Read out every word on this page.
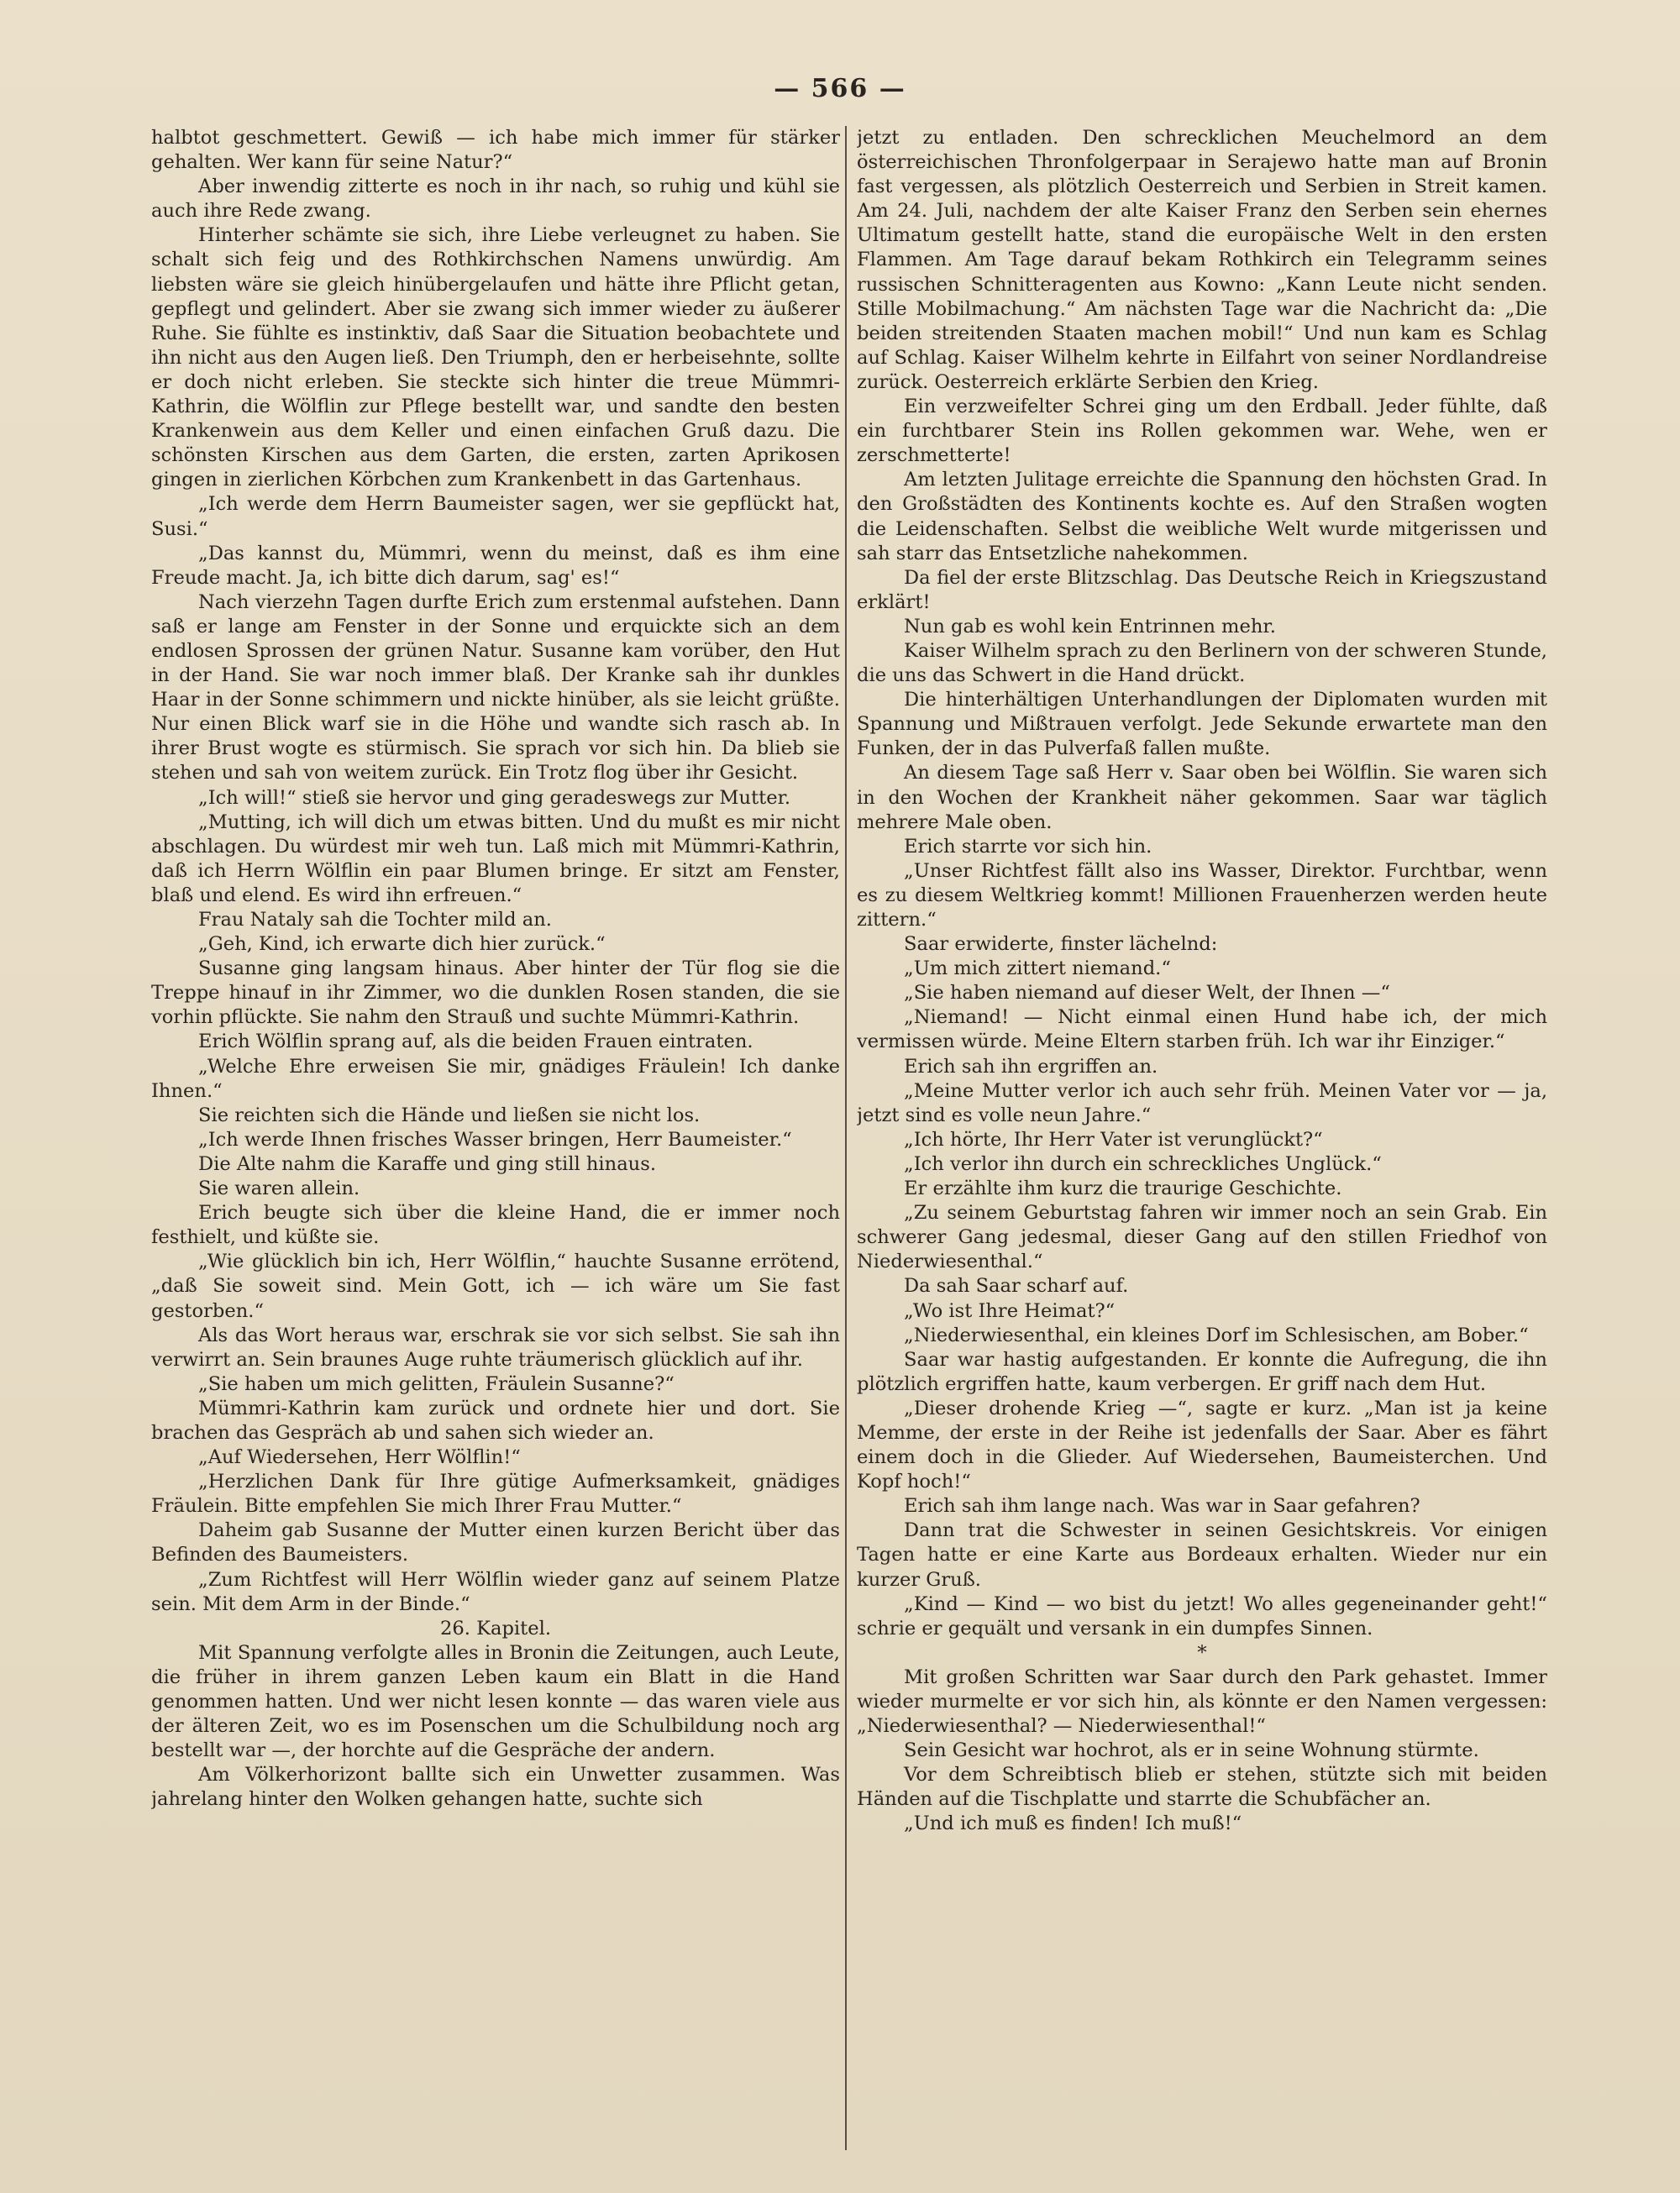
— 566 —

halbtot geschmettert. Gewiß — ich habe mich immer für stärker gehalten. Wer kann für seine Natur?“

Aber inwendig zitterte es noch in ihr nach, so ruhig und kühl sie auch ihre Rede zwang.

Hinterher schämte sie sich, ihre Liebe verleugnet zu haben. Sie schalt sich feig und des Rothkirchschen Namens unwürdig. Am liebsten wäre sie gleich hinübergelaufen und hätte ihre Pflicht getan, gepflegt und gelindert. Aber sie zwang sich immer wieder zu äußerer Ruhe. Sie fühlte es instinktiv, daß Saar die Situation beobachtete und ihn nicht aus den Augen ließ. Den Triumph, den er herbeisehnte, sollte er doch nicht erleben. Sie steckte sich hinter die treue Mümmri-Kathrin, die Wölflin zur Pflege bestellt war, und sandte den besten Krankenwein aus dem Keller und einen einfachen Gruß dazu. Die schönsten Kirschen aus dem Garten, die ersten, zarten Aprikosen gingen in zierlichen Körbchen zum Krankenbett in das Gartenhaus.

„Ich werde dem Herrn Baumeister sagen, wer sie gepflückt hat, Susi.“

„Das kannst du, Mümmri, wenn du meinst, daß es ihm eine Freude macht. Ja, ich bitte dich darum, sag' es!“

Nach vierzehn Tagen durfte Erich zum erstenmal aufstehen. Dann saß er lange am Fenster in der Sonne und erquickte sich an dem endlosen Sprossen der grünen Natur. Susanne kam vorüber, den Hut in der Hand. Sie war noch immer blaß. Der Kranke sah ihr dunkles Haar in der Sonne schimmern und nickte hinüber, als sie leicht grüßte. Nur einen Blick warf sie in die Höhe und wandte sich rasch ab. In ihrer Brust wogte es stürmisch. Sie sprach vor sich hin. Da blieb sie stehen und sah von weitem zurück. Ein Trotz flog über ihr Gesicht.

„Ich will!“ stieß sie hervor und ging geradeswegs zur Mutter.

„Mutting, ich will dich um etwas bitten. Und du mußt es mir nicht abschlagen. Du würdest mir weh tun. Laß mich mit Mümmri-Kathrin, daß ich Herrn Wölflin ein paar Blumen bringe. Er sitzt am Fenster, blaß und elend. Es wird ihn erfreuen.“

Frau Nataly sah die Tochter mild an.

„Geh, Kind, ich erwarte dich hier zurück.“

Susanne ging langsam hinaus. Aber hinter der Tür flog sie die Treppe hinauf in ihr Zimmer, wo die dunklen Rosen standen, die sie vorhin pflückte. Sie nahm den Strauß und suchte Mümmri-Kathrin.

Erich Wölflin sprang auf, als die beiden Frauen eintraten.

„Welche Ehre erweisen Sie mir, gnädiges Fräulein! Ich danke Ihnen.“

Sie reichten sich die Hände und ließen sie nicht los.

„Ich werde Ihnen frisches Wasser bringen, Herr Baumeister.“

Die Alte nahm die Karaffe und ging still hinaus.

Sie waren allein.

Erich beugte sich über die kleine Hand, die er immer noch festhielt, und küßte sie.

„Wie glücklich bin ich, Herr Wölflin,“ hauchte Susanne errötend, „daß Sie soweit sind. Mein Gott, ich — ich wäre um Sie fast gestorben.“

Als das Wort heraus war, erschrak sie vor sich selbst. Sie sah ihn verwirrt an. Sein braunes Auge ruhte träumerisch glücklich auf ihr.

„Sie haben um mich gelitten, Fräulein Susanne?“

Mümmri-Kathrin kam zurück und ordnete hier und dort. Sie brachen das Gespräch ab und sahen sich wieder an.

„Auf Wiedersehen, Herr Wölflin!“

„Herzlichen Dank für Ihre gütige Aufmerksamkeit, gnädiges Fräulein. Bitte empfehlen Sie mich Ihrer Frau Mutter.“

Daheim gab Susanne der Mutter einen kurzen Bericht über das Befinden des Baumeisters.

„Zum Richtfest will Herr Wölflin wieder ganz auf seinem Platze sein. Mit dem Arm in der Binde.“

26. Kapitel.

Mit Spannung verfolgte alles in Bronin die Zeitungen, auch Leute, die früher in ihrem ganzen Leben kaum ein Blatt in die Hand genommen hatten. Und wer nicht lesen konnte — das waren viele aus der älteren Zeit, wo es im Posenschen um die Schulbildung noch arg bestellt war —, der horchte auf die Gespräche der andern.

Am Völkerhorizont ballte sich ein Unwetter zusammen. Was jahrelang hinter den Wolken gehangen hatte, suchte sich

jetzt zu entladen. Den schrecklichen Meuchelmord an dem österreichischen Thronfolgerpaar in Serajewo hatte man auf Bronin fast vergessen, als plötzlich Oesterreich und Serbien in Streit kamen. Am 24. Juli, nachdem der alte Kaiser Franz den Serben sein ehernes Ultimatum gestellt hatte, stand die europäische Welt in den ersten Flammen. Am Tage darauf bekam Rothkirch ein Telegramm seines russischen Schnitteragenten aus Kowno: „Kann Leute nicht senden. Stille Mobilmachung.“ Am nächsten Tage war die Nachricht da: „Die beiden streitenden Staaten machen mobil!“ Und nun kam es Schlag auf Schlag. Kaiser Wilhelm kehrte in Eilfahrt von seiner Nordlandreise zurück. Oesterreich erklärte Serbien den Krieg.

Ein verzweifelter Schrei ging um den Erdball. Jeder fühlte, daß ein furchtbarer Stein ins Rollen gekommen war. Wehe, wen er zerschmetterte!

Am letzten Julitage erreichte die Spannung den höchsten Grad. In den Großstädten des Kontinents kochte es. Auf den Straßen wogten die Leidenschaften. Selbst die weibliche Welt wurde mitgerissen und sah starr das Entsetzliche nahekommen.

Da fiel der erste Blitzschlag. Das Deutsche Reich in Kriegszustand erklärt!

Nun gab es wohl kein Entrinnen mehr.

Kaiser Wilhelm sprach zu den Berlinern von der schweren Stunde, die uns das Schwert in die Hand drückt.

Die hinterhältigen Unterhandlungen der Diplomaten wurden mit Spannung und Mißtrauen verfolgt. Jede Sekunde erwartete man den Funken, der in das Pulverfaß fallen mußte.

An diesem Tage saß Herr v. Saar oben bei Wölflin. Sie waren sich in den Wochen der Krankheit näher gekommen. Saar war täglich mehrere Male oben.

Erich starrte vor sich hin.

„Unser Richtfest fällt also ins Wasser, Direktor. Furchtbar, wenn es zu diesem Weltkrieg kommt! Millionen Frauenherzen werden heute zittern.“

Saar erwiderte, finster lächelnd:

„Um mich zittert niemand.“

„Sie haben niemand auf dieser Welt, der Ihnen —“

„Niemand! — Nicht einmal einen Hund habe ich, der mich vermissen würde. Meine Eltern starben früh. Ich war ihr Einziger.“

Erich sah ihn ergriffen an.

„Meine Mutter verlor ich auch sehr früh. Meinen Vater vor — ja, jetzt sind es volle neun Jahre.“

„Ich hörte, Ihr Herr Vater ist verunglückt?“

„Ich verlor ihn durch ein schreckliches Unglück.“

Er erzählte ihm kurz die traurige Geschichte.

„Zu seinem Geburtstag fahren wir immer noch an sein Grab. Ein schwerer Gang jedesmal, dieser Gang auf den stillen Friedhof von Niederwiesenthal.“

Da sah Saar scharf auf.

„Wo ist Ihre Heimat?“

„Niederwiesenthal, ein kleines Dorf im Schlesischen, am Bober.“

Saar war hastig aufgestanden. Er konnte die Aufregung, die ihn plötzlich ergriffen hatte, kaum verbergen. Er griff nach dem Hut.

„Dieser drohende Krieg —“, sagte er kurz. „Man ist ja keine Memme, der erste in der Reihe ist jedenfalls der Saar. Aber es fährt einem doch in die Glieder. Auf Wiedersehen, Baumeisterchen. Und Kopf hoch!“

Erich sah ihm lange nach. Was war in Saar gefahren?

Dann trat die Schwester in seinen Gesichtskreis. Vor einigen Tagen hatte er eine Karte aus Bordeaux erhalten. Wieder nur ein kurzer Gruß.

„Kind — Kind — wo bist du jetzt! Wo alles gegeneinander geht!“ schrie er gequält und versank in ein dumpfes Sinnen.

*

Mit großen Schritten war Saar durch den Park gehastet. Immer wieder murmelte er vor sich hin, als könnte er den Namen vergessen: „Niederwiesenthal? — Niederwiesenthal!“

Sein Gesicht war hochrot, als er in seine Wohnung stürmte.

Vor dem Schreibtisch blieb er stehen, stützte sich mit beiden Händen auf die Tischplatte und starrte die Schubfächer an.

„Und ich muß es finden! Ich muß!“
